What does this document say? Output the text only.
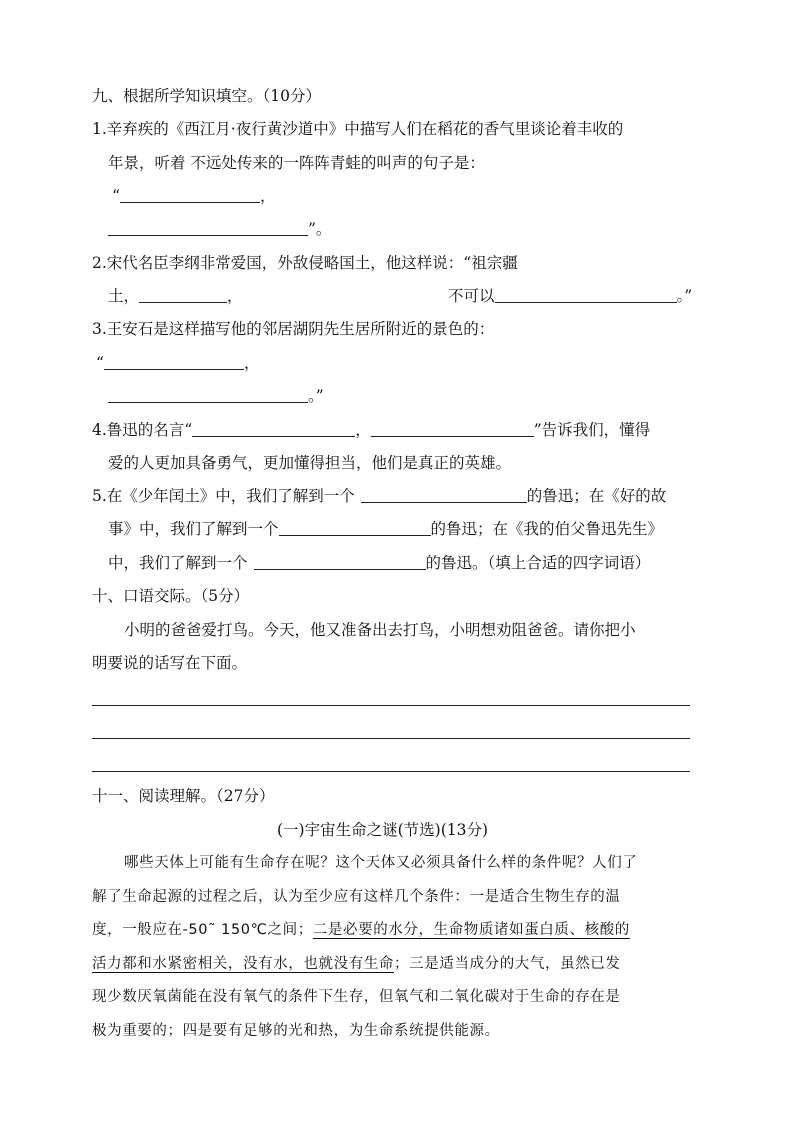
九、根据所学知识填空。（10分）
1.辛弃疾的《西江月·夜行黄沙道中》中描写人们在稻花的香气里谈论着丰收的
年景，听着 不远处传来的一阵阵青蛙的叫声的句子是：
“	，
”。
2.宋代名臣李纲非常爱国，外敌侵略国土，他这样说：“祖宗疆
土，	，	不可以	。”
3.王安石是这样描写他的邻居湖阴先生居所附近的景色的：
“	，
。”
4.鲁迅的名言“	，	”告诉我们，懂得
爱的人更加具备勇气，更加懂得担当，他们是真正的英雄。
5.在《少年闰土》中，我们了解到一个	的鲁迅；在《好的故
事》中，我们了解到一个	的鲁迅；在《我的伯父鲁迅先生》
中，我们了解到一个	的鲁迅。（填上合适的四字词语）
十、口语交际。（5分）
小明的爸爸爱打鸟。今天，他又准备出去打鸟，小明想劝阻爸爸。请你把小
明要说的话写在下面。
十一、阅读理解。（27分）
(一)宇宙生命之谜(节选)(13分)
哪些天体上可能有生命存在呢？这个天体又必须具备什么样的条件呢？人们了
解了生命起源的过程之后，认为至少应有这样几个条件：一是适合生物生存的温
度，一般应在-50˜ 150℃之间；二是必要的水分，生命物质诸如蛋白质、核酸的
活力都和水紧密相关，没有水，也就没有生命；三是适当成分的大气，虽然已发
现少数厌氧菌能在没有氧气的条件下生存，但氧气和二氧化碳对于生命的存在是
极为重要的；四是要有足够的光和热，为生命系统提供能源。
